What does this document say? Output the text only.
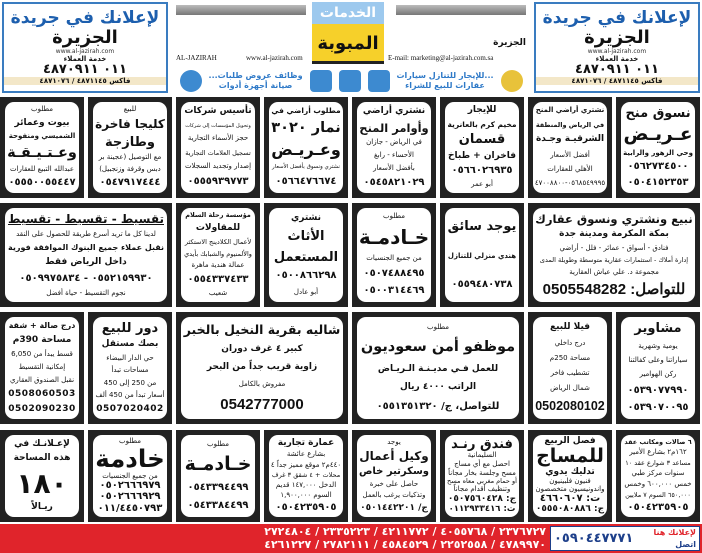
لإعلانك في جريدة
الجزيرة
www.al-jazirah.com
خدمة العملاء
٠١١ ٤٨٧٠٩١١
فاكس ٤٨٧١١٤٥ / ٤٨٧١٠٧٦
لإعلانك في جريدة
الجزيرة
www.al-jazirah.com
خدمة العملاء
٠١١ ٤٨٧٠٩١١
فاكس ٤٨٧١١٤٥ / ٤٨٧١٠٧٦
الخدمات
المبوبة
AL-JAZIRAH	www.al-jazirah.com	E-mail: marketing@al-jazirah.com.sa
الجزيرة
...للإيجار للتنازل سيارات
عقارات للبيع للشراء
وظائف عروض طلبات...
صيانة أجهزة أدوات
نسوق منح
عـريـض
وحي الزهور والرابية
٠٥٦٢٧٣٤٥٠٠
٠٥٠٤١٥٢٣٥٣
نشتري أراضي المنح
في الرياض والمنطقة
الشرقيـة وجـدة
أفضل الأسعار
الأهلي للعقارات
٠٥٦٨٥٤٩٩٩٥-٤٧٠٠٨٨٠٠
للإيجار
مخيم كرم بالعانرية
قسمان
فاخران + طباخ
٠٥٦٦٠٢٦٩٣٥
أبو عمر
نشتري أراضي
وأوامر المنح
في الرياض - جازان
الأحساء - رابغ
بأفضل الأسعار
٠٥٤٥٨٢١٠٢٩
مطلوب أراضي في
نمار ٣٠٢٠
وعـريـض
نشتري ونسوق بأفضل الأسعار
٠٥٦٦٤٧٦٦٧٤
تأسيس شركات
وتحويل المؤسسات إلى شركات
حجز الأسماء التجارية
تسجيل العلامات التجارية
إصدار وتجديد السجلات
٠٥٥٥٩٣٩٧٧٣
للبيع
كليجا فاخرة
وطازجة
مع التوصيل (عجينة بر
دبس وقرفة وزنجبيل)
٠٥٤٧٩١٧٤٤٤
مطلوب
بيوت وعمائر
الشميسي ومنفوحة
وعـتـيـقـة
عبدالله التبيع للعقارات
٠٥٥٥٠٠٥٥٤٤٧
نبيع ونشتري ونسوق عقارك
بمكة المكرمة ومدينة جدة
فنادق - أسواق - عمائر - فلل - أراضي
إدارة أملاك - استثمارات عقارية متوسطة وطويلة المدى
مجموعة د. علي عياش العقارية
للتواصل: 0505548282
يوجد سائق
هندي منزلي للتنازل
٠٥٥٩٤٨٠٧٣٨
مطلوب
خـادمـة
من جميع الجنسيات
٠٥٠٧٤٨٨٤٩٥
٠٥٠٠٣١٤٤٦٩
نشتري
الأثاث
المستعمل
٠٥٠٠٨٦٦٢٩٨
أبو عادل
مؤسسة رحلة السلام
للمقاولات
لأعمال الكلادينج الاستكثر
والألمنيوم والشبابك بأيدي
عمالة هندية ماهرة
٠٥٥٤٣٣٧٤٣٣
شعيب
تقسيط - تقسيط - تقسيط
لدينا كل ما تريد أسرع طريقة للحصول على النقد
نقبل عملاء جميع البنوك الموافقة فورية
داخل الرياض فقط
٠٥٥٢١٥٩٩٣٠ - ٠٥٠٩٩٧٥٨٣٤
نجوم التقسيط - حياة أفضل
مشاوير
يومية وشهرية
سياراتنا وعلى كفالتنا
ركن الهوامير
٠٥٣٩٠٧٧٩٩٠
٠٥٣٩٠٧٠٠٩٥
فيلا للبيع
درج داخلي
مساحة 250م
تشطيب فاخر
شمال الرياض
0502080102
مطلوب
موظفو أمن سعوديون
للعمل فـي مديـنـة الـريـاض
الراتب ٤٠٠٠ ريال
للتواصل، ج/ ٠٥٥١٣٥١٣٢٠
شاليه بقرية النخيل بالخبر
كبير ٤ غرف دوران
زاوية قريب جداً من البحر
مفروش بالكامل
0542777000
دور للبيع
بصك مستقل
حي الدار البيضاء
مساحات تبدأ
من 250 إلى 450
أسعار تبدأ من 450 ألف
0507020402
درج صالة + شقة
مساحة 390م
قسط يبدأ من 6,050
إمكانية التقسيط
نقبل الصندوق العقاري
0508060503
0502090230
٦ صالات ومكاتب عقد
١٦٢م٢ بشارع الأمير
مساعد ٣ شوارع عقد ١٠
سنوات مركز طبي
خمس ٦٠٠,٠٠٠ وخمس
٦٥٠,٠٠٠ السوم ٧ ملايين
٠٥٠٤٢٣٥٩٠٥
فصل الربيع
للمساج
تدليك يدوي
فنيون فلبينيون
واندونيسيون متخصصون
ت: ٤٦٦٠٦٠٧
ج: ٠٥٥٥٠٨٠٨٨٦
فندق رنـد
السليمانية
احصل مع أي مساج
مسح وجلسة بخار مجاناً
أو حمام مغربي معاه مسح
وتنظيف أقدام مجاناً
ج: ٠٥٠٧٥٦٠٤٢٨
ت: ٠١١٢٩٣٣٤١٦
يوجد
وكيل أعمال
وسكرتير خاص
حاصل على خبرة
وتذكيات يرغب بالعمل
ج/ ٠٥٠١٤٤٢٢٠١
عمارة تجارية
بشارع عائشة
٤٤٠م٢ موقع مميز جداً ٤
محلات + ٤ شقق ٣ غرف
الدخل ١٤٧,٠٠٠ قديم
السوم ١,٩٠٠,٠٠٠
٠٥٠٤٢٣٥٩٠٥
مطلوب
خـادمـة
٠٥٤٣٣٩٤٤٩٩
٠٥٤٣٣٨٤٤٩٩
مطلوب
خادمة
من جميع الجنسيات
٠٥٠٢٦٦٦٩٧٩
٠٥٠٢٦٦٦٩٢٩
٠١١/٤٤٥٠٧٩٣
لإعـلانـك في
هذه المساحة
١٨٠
ريـالاً
٢٣٧٦٧٢٧ / ٤٠٥٥٧٦٨ / ٤٢١١٧٧٢ / ٢٣٣٥٢٢٣ / ٢٧٢٤٨٠٤
٤٧٨٩٩٧٠ / ٢٢٥٢٥٥٨ / ٤٥٨٤٥٢٩ / ٢٧٨٢١١١ / ٤٢٦١٢٢٧
لإعلانك هنا
اتصل
٠٥٩٠٤٤٧٧٧١
